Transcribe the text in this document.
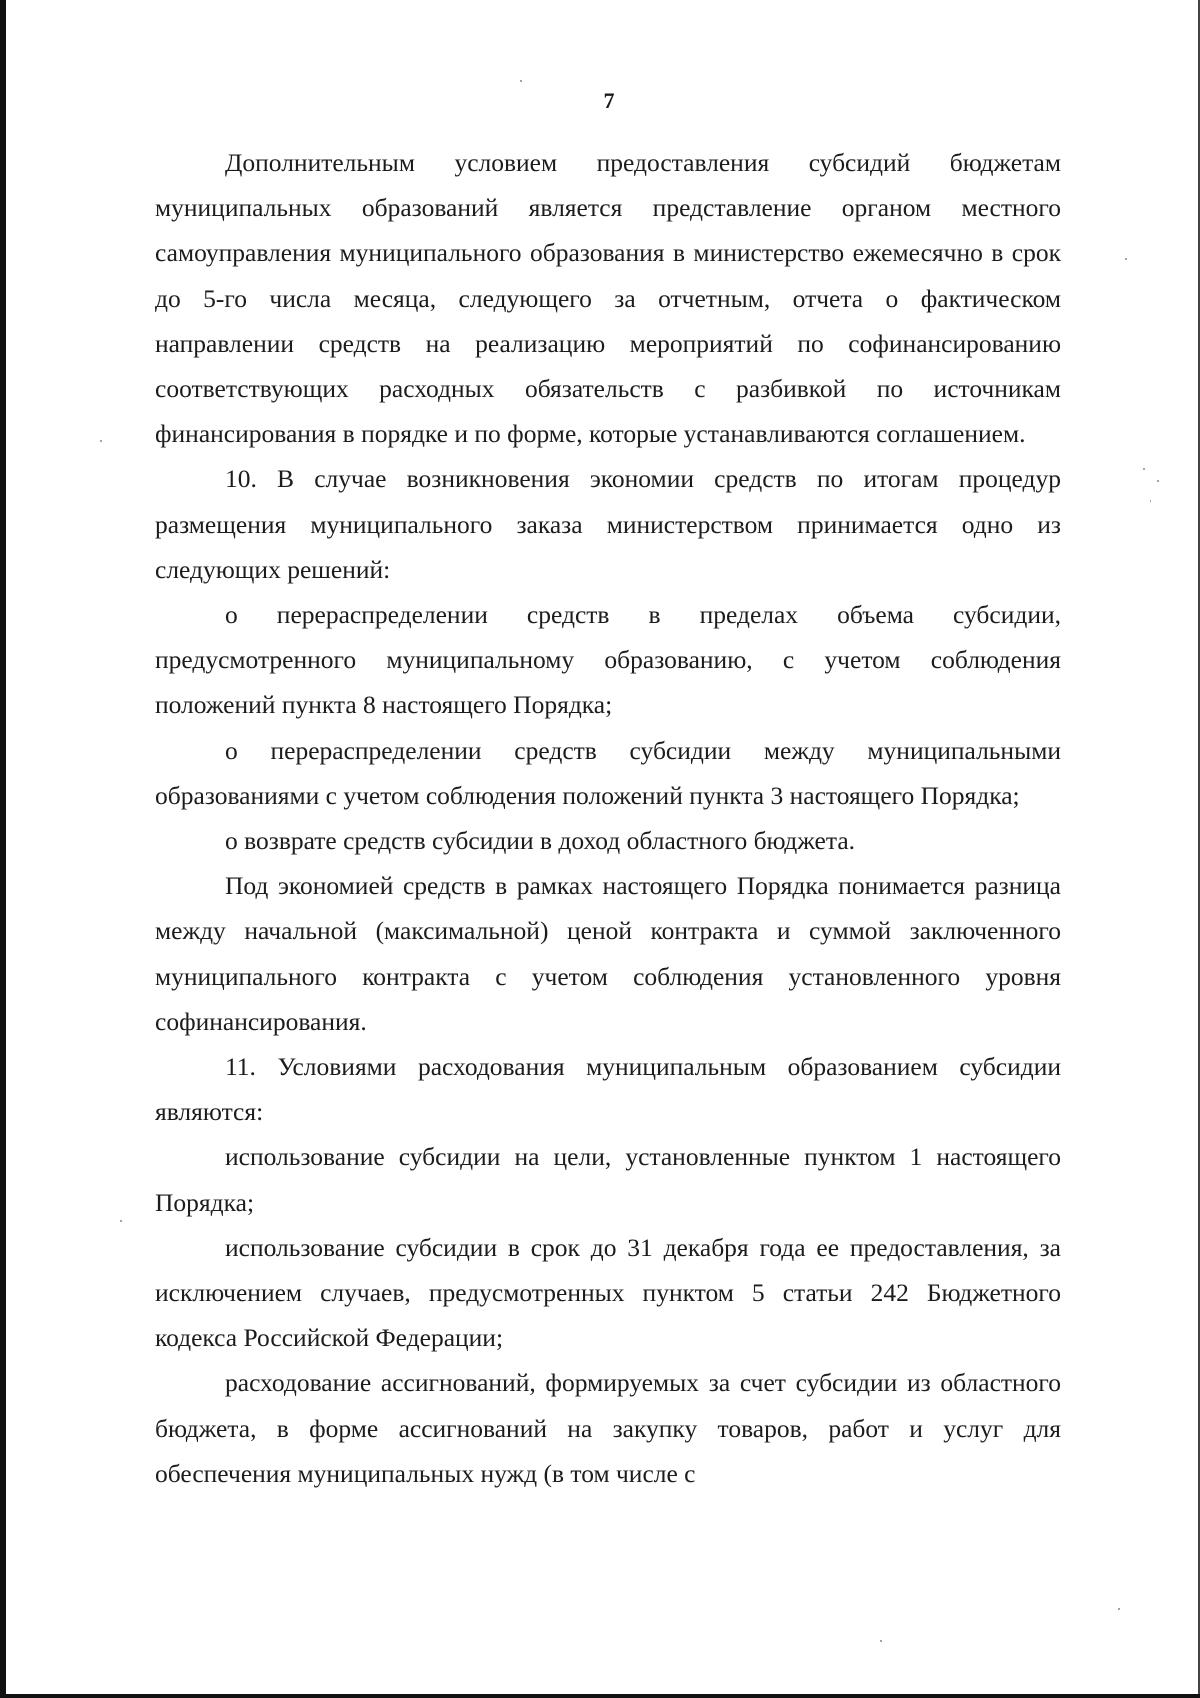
7

Дополнительным условием предоставления субсидий бюджетам муниципальных образований является представление органом местного самоуправления муниципального образования в министерство ежемесячно в срок до 5-го числа месяца, следующего за отчетным, отчета о фактическом направлении средств на реализацию мероприятий по софинансированию соответствующих расходных обязательств с разбивкой по источникам финансирования в порядке и по форме, которые устанавливаются соглашением.

10. В случае возникновения экономии средств по итогам процедур размещения муниципального заказа министерством принимается одно из следующих решений:

о перераспределении средств в пределах объема субсидии, предусмотренного муниципальному образованию, с учетом соблюдения положений пункта 8 настоящего Порядка;

о перераспределении средств субсидии между муниципальными образованиями с учетом соблюдения положений пункта 3 настоящего Порядка;

о возврате средств субсидии в доход областного бюджета.

Под экономией средств в рамках настоящего Порядка понимается разница между начальной (максимальной) ценой контракта и суммой заключенного муниципального контракта с учетом соблюдения установленного уровня софинансирования.

11. Условиями расходования муниципальным образованием субсидии являются:

использование субсидии на цели, установленные пунктом 1 настоящего Порядка;

использование субсидии в срок до 31 декабря года ее предоставления, за исключением случаев, предусмотренных пунктом 5 статьи 242 Бюджетного кодекса Российской Федерации;

расходование ассигнований, формируемых за счет субсидии из областного бюджета, в форме ассигнований на закупку товаров, работ и услуг для обеспечения муниципальных нужд (в том числе с
